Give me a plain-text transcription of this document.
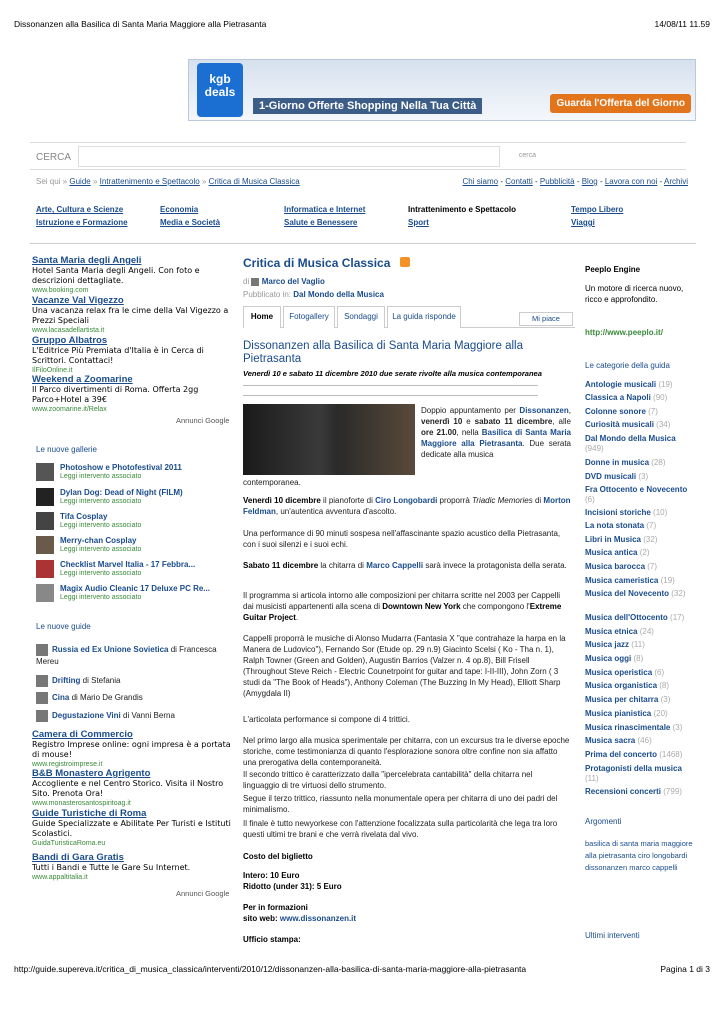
Dissonanzen alla Basilica di Santa Maria Maggiore alla Pietrasanta	14/08/11 11.59
kgb deals
1-Giorno Offerte Shopping Nella Tua Città	Guarda l'Offerta del Giorno
CERCA	cerca
Sei qui » Guide » Intrattenimento e Spettacolo » Critica di Musica Classica	Chi siamo - Contatti - Pubblicità - Blog - Lavora con noi - Archivi
Arte, Cultura e Scienze	Economia	Informatica e Internet	Intrattenimento e Spettacolo	Tempo Libero
Istruzione e Formazione	Media e Società	Salute e Benessere	Sport	Viaggi
Santa Maria degli Angeli
Hotel Santa Maria degli Angeli. Con foto e descrizioni dettagliate.
www.booking.com
Vacanze Val Vigezzo
Una vacanza relax fra le cime della Val Vigezzo a Prezzi Speciali
www.lacasadellartista.it
Gruppo Albatros
L'Editrice Più Premiata d'Italia è in Cerca di Scrittori. Contattaci!
IlFiloOnline.it
Weekend a Zoomarine
Il Parco divertimenti di Roma. Offerta 2gg Parco+Hotel a 39€
www.zoomarine.it/Relax
Annunci Google
Le nuove gallerie
Photoshow e Photofestival 2011
Leggi intervento associato
Dylan Dog: Dead of Night (FILM)
Leggi intervento associato
Tifa Cosplay
Leggi intervento associato
Merry-chan Cosplay
Leggi intervento associato
Checklist Marvel Italia - 17 Febbra...
Leggi intervento associato
Magix Audio Cleanic 17 Deluxe PC Re...
Leggi intervento associato
Le nuove guide
Russia ed Ex Unione Sovietica di Francesca Mereu
Drifting di Stefania
Cina di Mario De Grandis
Degustazione Vini di Vanni Berna
Camera di Commercio
Registro Imprese online: ogni impresa è a portata di mouse!
www.registroimprese.it
B&B Monastero Agrigento
Accogliente e nel Centro Storico. Visita il Nostro Sito. Prenota Ora!
www.monasterosantospiritoag.it
Guide Turistiche di Roma
Guide Specializzate e Abilitate Per Turisti e Istituti Scolastici.
GuidaTuristicaRoma.eu
Bandi di Gara Gratis
Tutti i Bandi e Tutte le Gare Su Internet.
www.appaltitalia.it
Annunci Google
Critica di Musica Classica
di Marco del Vaglio
Pubblicato in: Dal Mondo della Musica
Home	Fotogallery	Sondaggi	La guida risponde	Mi piace
Dissonanzen alla Basilica di Santa Maria Maggiore alla Pietrasanta
Venerdì 10 e sabato 11 dicembre 2010 due serate rivolte alla musica contemporanea
Doppio appuntamento per Dissonanzen, venerdì 10 e sabato 11 dicembre, alle ore 21.00, nella Basilica di Santa Maria Maggiore alla Pietrasanta. Due serata dedicate alla musica
contemporanea.
Venerdì 10 dicembre il pianoforte di Ciro Longobardi proporrà Triadic Memories di Morton Feldman, un'autentica avventura d'ascolto.
Una performance di 90 minuti sospesa nell'affascinante spazio acustico della Pietrasanta, con i suoi silenzi e i suoi echi.
Sabato 11 dicembre la chitarra di Marco Cappelli sarà invece la protagonista della serata.
Il programma si articola intorno alle composizioni per chitarra scritte nel 2003 per Cappelli dai musicisti appartenenti alla scena di Downtown New York che compongono l'Extreme Guitar Project.
Cappelli proporrà le musiche di Alonso Mudarra (Fantasia X "que contrahaze la harpa en la Manera de Ludovico"), Fernando Sor (Etude op. 29 n.9) Giacinto Scelsi ( Ko - Tha n. 1), Ralph Towner (Green and Golden), Augustin Barrios (Valzer n. 4 op.8), Bill Frisell (Throughout Steve Reich - Electric Counetrpoint for guitar and tape: I-II-III), John Zorn ( 3 studi da "The Book of Heads"), Anthony Coleman (The Buzzing In My Head), Elliott Sharp (Amygdala II)
L'articolata performance si compone di 4 trittici.
Nel primo largo alla musica sperimentale per chitarra, con un excursus tra le diverse epoche storiche, come testimonianza di quanto l'esplorazione sonora oltre confine non sia affatto una prerogativa della contemporaneità.
Il secondo trittico è caratterizzato dalla "ipercelebrata cantabilità" della chitarra nel linguaggio di tre virtuosi dello strumento.
Segue il terzo trittico, riassunto nella monumentale opera per chitarra di uno dei padri del minimalismo.
Il finale è tutto newyorkese con l'attenzione focalizzata sulla particolarità che lega tra loro questi ultimi tre brani e che verrà rivelata dal vivo.
Costo del biglietto
Intero: 10 Euro
Ridotto (under 31): 5 Euro
Per in formazioni
sito web: www.dissonanzen.it
Ufficio stampa:
Peeplo Engine
Un motore di ricerca nuovo, ricco e approfondito.
http://www.peeplo.it/
Le categorie della guida
Antologie musicali (19)
Classica a Napoli (90)
Colonne sonore (7)
Curiosità musicali (34)
Dal Mondo della Musica (949)
Donne in musica (28)
DVD musicali (3)
Fra Ottocento e Novecento (6)
Incisioni storiche (10)
La nota stonata (7)
Libri in Musica (32)
Musica antica (2)
Musica barocca (7)
Musica cameristica (19)
Musica del Novecento (32)
Musica dell'Ottocento (17)
Musica etnica (24)
Musica jazz (11)
Musica oggi (8)
Musica operistica (6)
Musica organistica (8)
Musica per chitarra (3)
Musica pianistica (20)
Musica rinascimentale (3)
Musica sacra (46)
Prima del concerto (1468)
Protagonisti della musica (11)
Recensioni concerti (799)
Argomenti
basilica di santa maria maggiore alla pietrasanta ciro longobardi dissonanzen marco cappelli
Ultimi interventi
http://guide.supereva.it/critica_di_musica_classica/interventi/2010/12/dissonanzen-alla-basilica-di-santa-maria-maggiore-alla-pietrasanta	Pagina 1 di 3
